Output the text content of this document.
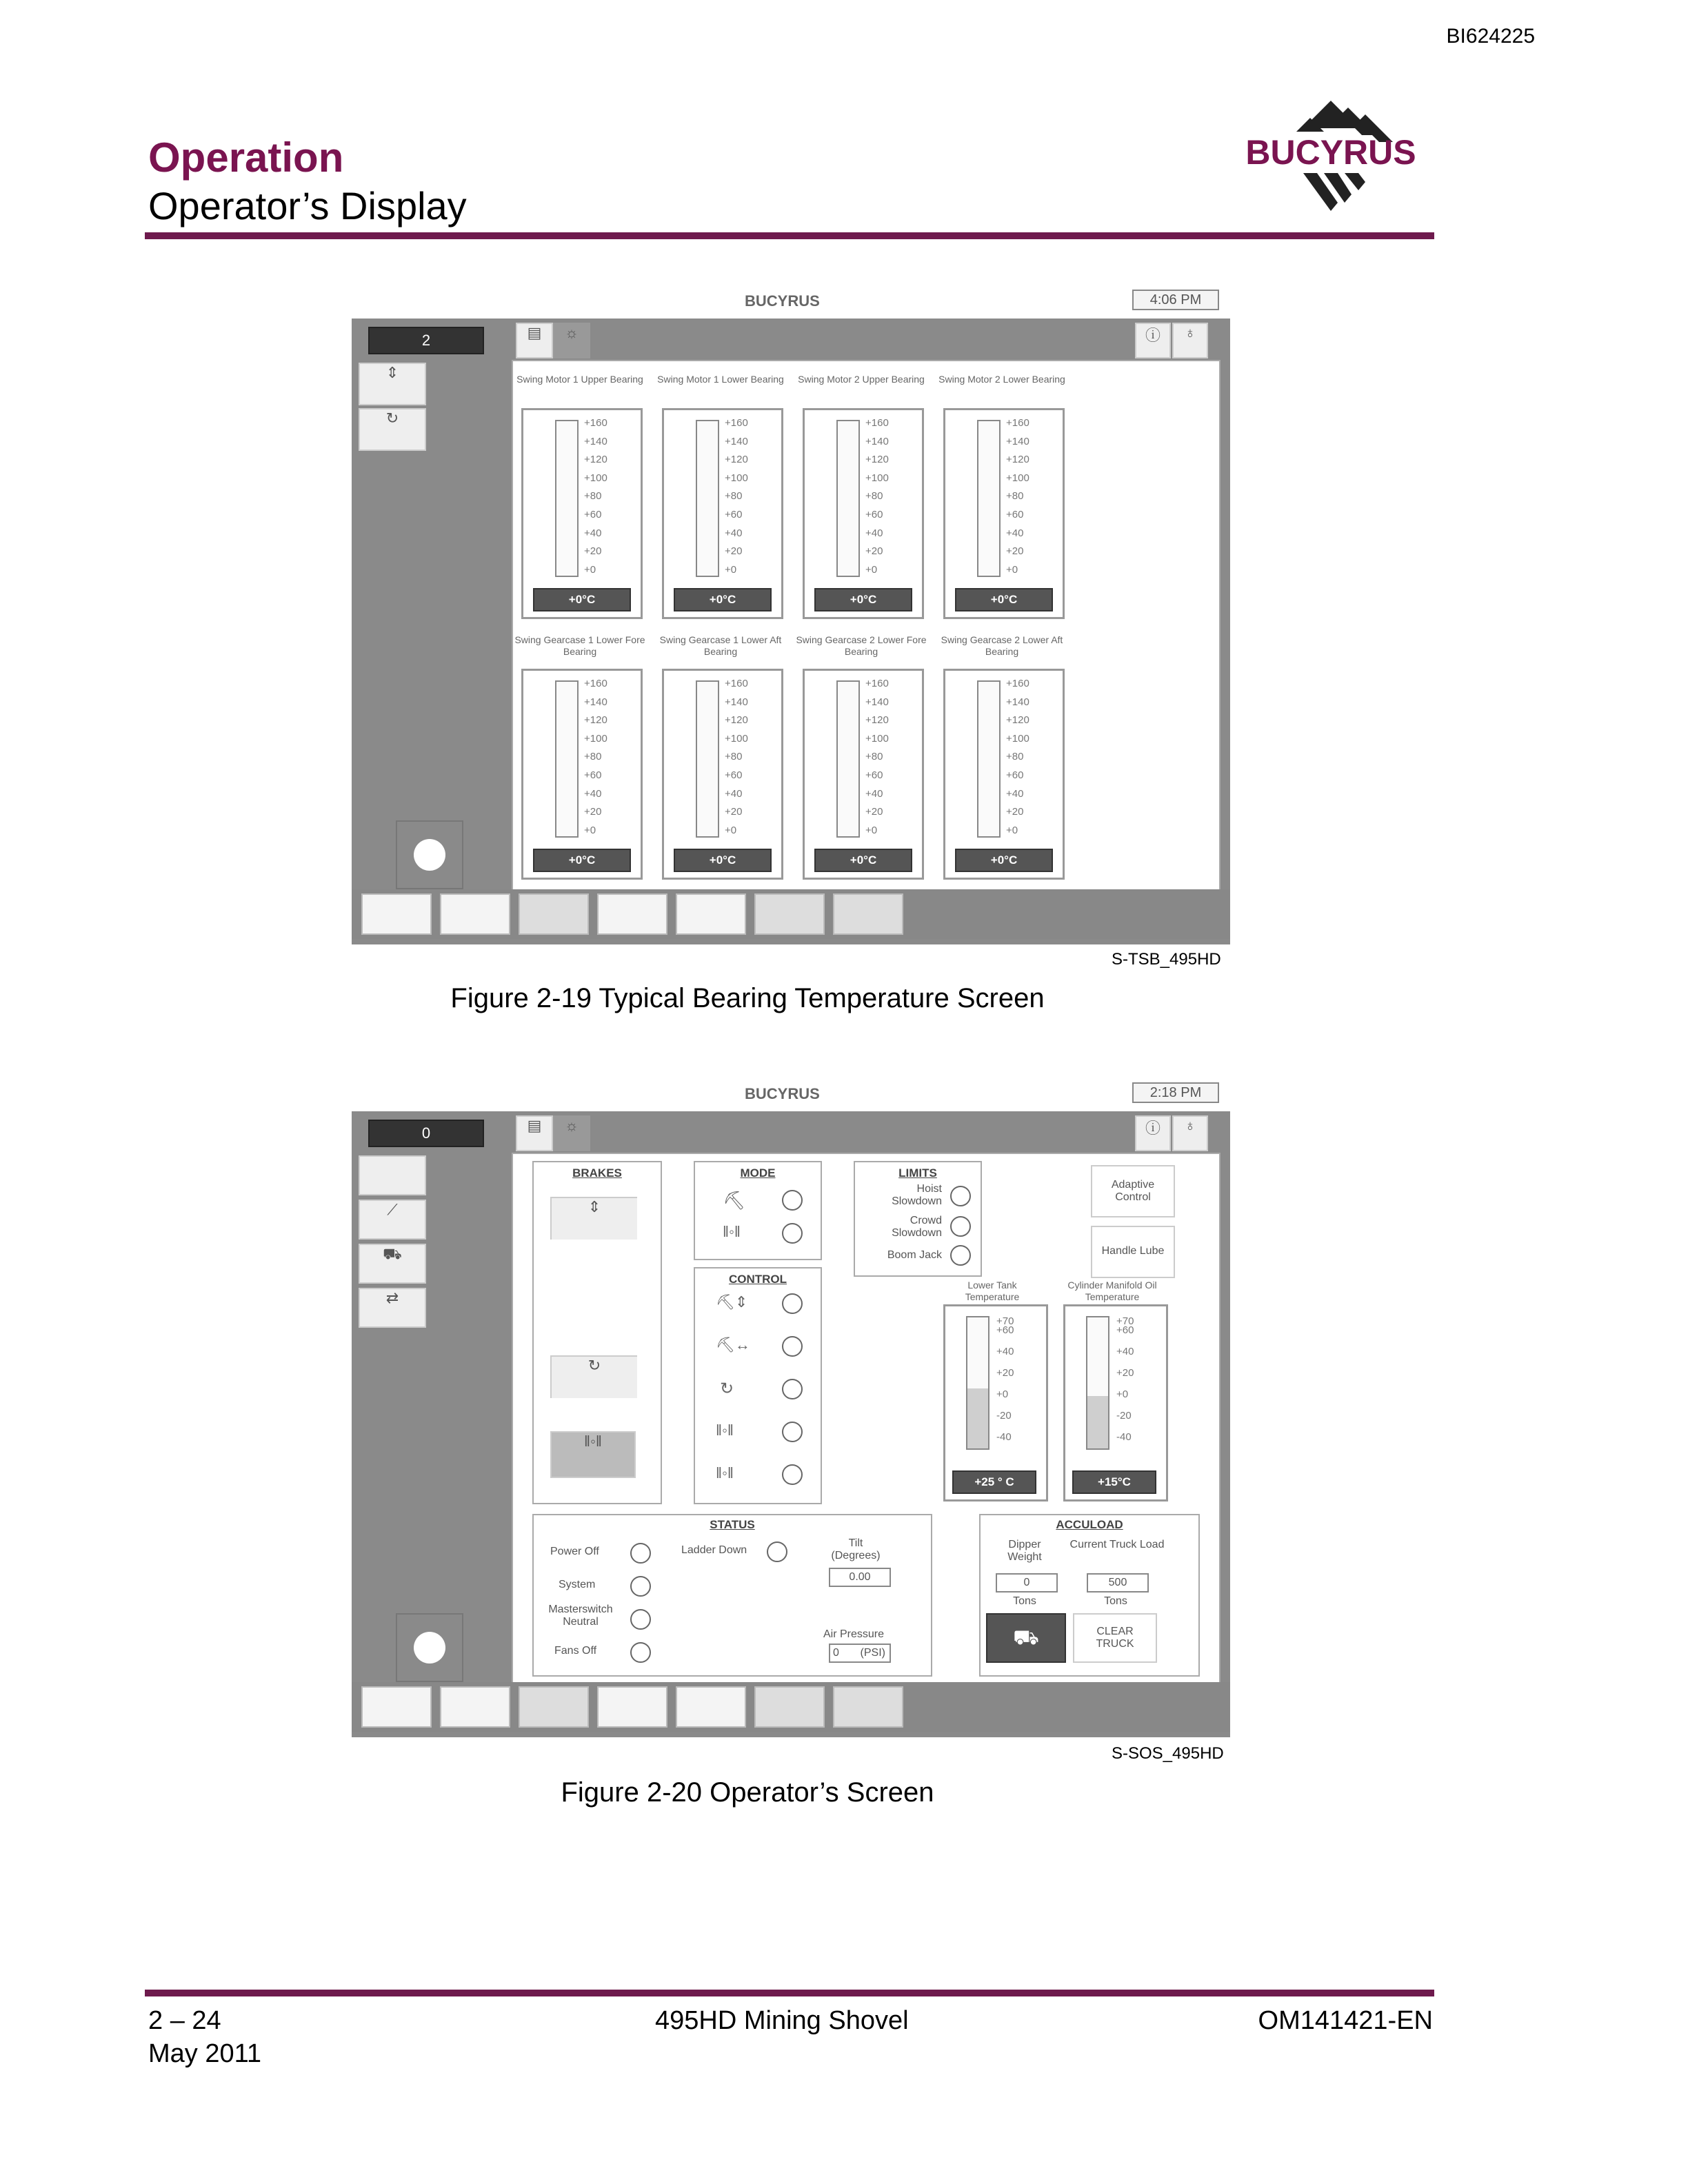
BI624225
Operation
Operator’s Display
BUCYRUS
BUCYRUS	4:06 PM
2	▤	☼	ⓘ	♁
⇕
↻
Swing Motor 1 Upper Bearing
+160
+140
+120
+100
+80
+60
+40
+20
+0
+0°C
Swing Motor 1 Lower Bearing
+160
+140
+120
+100
+80
+60
+40
+20
+0
+0°C
Swing Motor 2 Upper Bearing
+160
+140
+120
+100
+80
+60
+40
+20
+0
+0°C
Swing Motor 2 Lower Bearing
+160
+140
+120
+100
+80
+60
+40
+20
+0
+0°C
Swing Gearcase 1 Lower Fore Bearing
+160
+140
+120
+100
+80
+60
+40
+20
+0
+0°C
Swing Gearcase 1 Lower Aft Bearing
+160
+140
+120
+100
+80
+60
+40
+20
+0
+0°C
Swing Gearcase 2 Lower Fore Bearing
+160
+140
+120
+100
+80
+60
+40
+20
+0
+0°C
Swing Gearcase 2 Lower Aft Bearing
+160
+140
+120
+100
+80
+60
+40
+20
+0
+0°C
S-TSB_495HD
Figure 2-19 Typical Bearing Temperature Screen
BUCYRUS	2:18 PM
0	▤	☼	ⓘ	♁
⟋
⛟
⇄
BRAKES
⇕
↻
‖◦‖
MODE
⛏
‖◦‖
CONTROL
⛏⇕
⛏↔
↻
‖◦‖
‖◦‖
LIMITS
Hoist Slowdown
Crowd Slowdown
Boom Jack
Adaptive Control
Handle Lube
Lower Tank Temperature
Cylinder Manifold Oil Temperature
+70
+60
+40
+20
+0
-20
-40
+25 ° C
+70
+60
+40
+20
+0
-20
-40
+15°C
STATUS
Power Off	Ladder Down
Tilt (Degrees)
0.00
System
Masterswitch Neutral
Fans Off
Air Pressure
0 (PSI)
ACCULOAD
Dipper Weight
Current Truck Load
0	500
Tons	Tons
⛟	CLEAR TRUCK
S-SOS_495HD
Figure 2-20 Operator’s Screen
2 – 24
May 2011
495HD Mining Shovel	OM141421-EN
